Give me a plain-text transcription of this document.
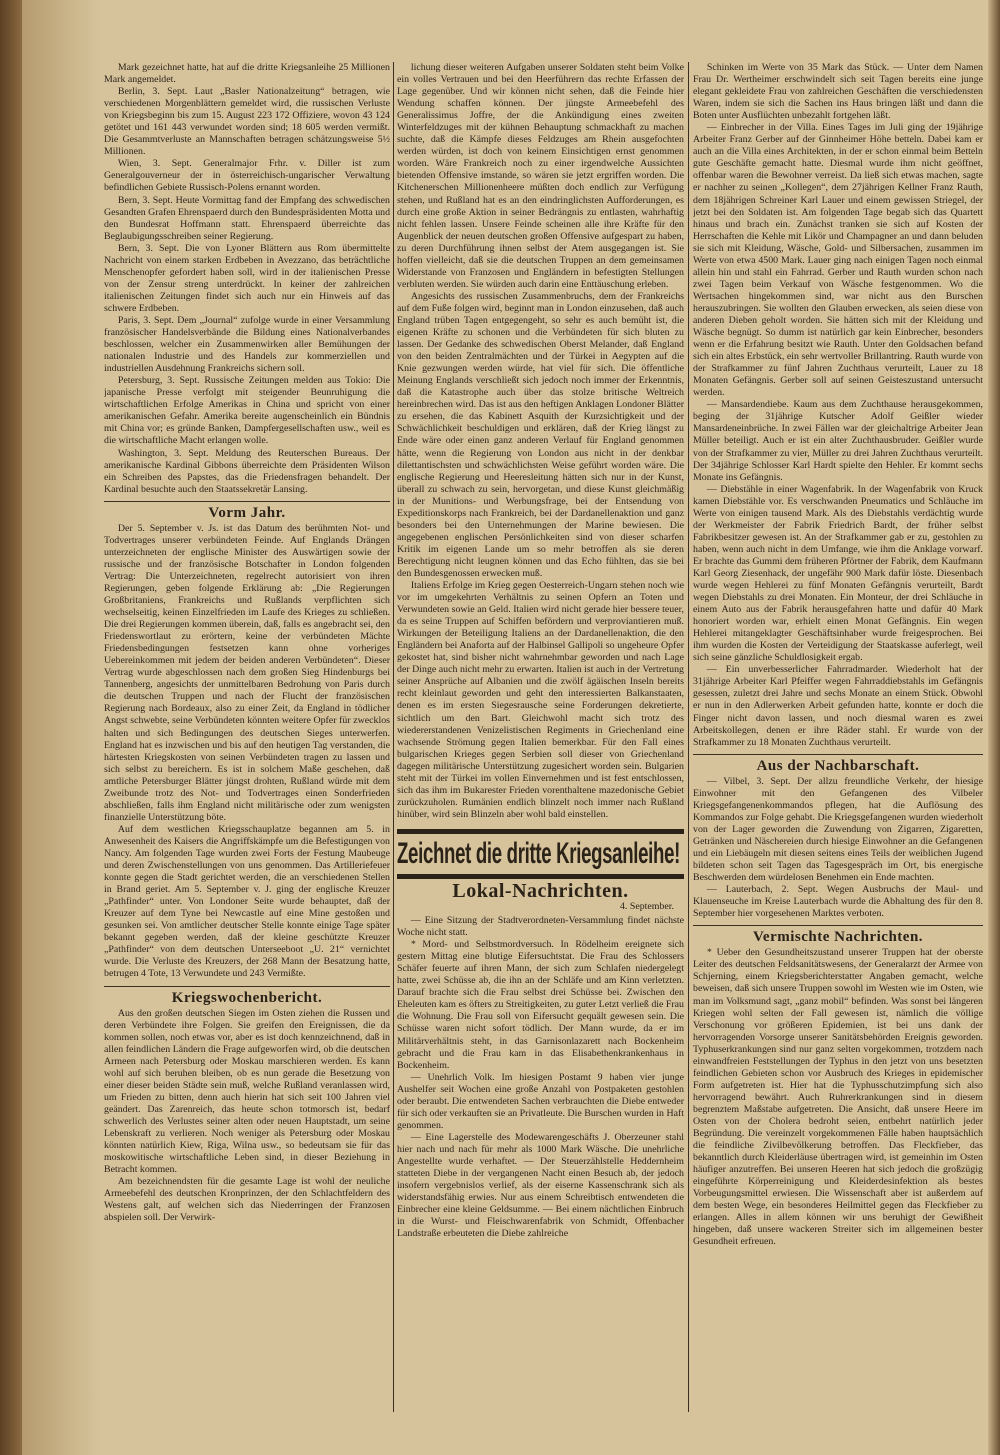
Mark gezeichnet hatte, hat auf die dritte Kriegsanleihe 25 Millionen Mark angemeldet.

Berlin, 3. Sept. Laut „Basler Nationalzeitung“ betragen, wie verschiedenen Morgenblättern gemeldet wird, die russischen Verluste von Kriegsbeginn bis zum 15. August 223 172 Offiziere, wovon 43 124 getötet und 161 443 verwundet worden sind; 18 605 werden vermißt. Die Gesammtverluste an Mannschaften betragen schätzungsweise 5½ Millionen.

Wien, 3. Sept. Generalmajor Frhr. v. Diller ist zum Generalgouverneur der in österreichisch-ungarischer Verwaltung befindlichen Gebiete Russisch-Polens ernannt worden.

Bern, 3. Sept. Heute Vormittag fand der Empfang des schwedischen Gesandten Grafen Ehrenspaerd durch den Bundespräsidenten Motta und den Bundesrat Hoffmann statt. Ehrenspaerd überreichte das Beglaubigungsschreiben seiner Regierung.

Bern, 3. Sept. Die von Lyoner Blättern aus Rom übermittelte Nachricht von einem starken Erdbeben in Avezzano, das beträchtliche Menschenopfer gefordert haben soll, wird in der italienischen Presse von der Zensur streng unterdrückt. In keiner der zahlreichen italienischen Zeitungen findet sich auch nur ein Hinweis auf das schwere Erdbeben.

Paris, 3. Sept. Dem „Journal“ zufolge wurde in einer Versammlung französischer Handelsverbände die Bildung eines Nationalverbandes beschlossen, welcher ein Zusammenwirken aller Bemühungen der nationalen Industrie und des Handels zur kommerziellen und industriellen Ausdehnung Frankreichs sichern soll.

Petersburg, 3. Sept. Russische Zeitungen melden aus Tokio: Die japanische Presse verfolgt mit steigender Beunruhigung die wirtschaftlichen Erfolge Amerikas in China und spricht von einer amerikanischen Gefahr. Amerika bereite augenscheinlich ein Bündnis mit China vor; es gründe Banken, Dampfergesellschaften usw., weil es die wirtschaftliche Macht erlangen wolle.

Washington, 3. Sept. Meldung des Reuterschen Bureaus. Der amerikanische Kardinal Gibbons überreichte dem Präsidenten Wilson ein Schreiben des Papstes, das die Friedensfragen behandelt. Der Kardinal besuchte auch den Staatssekretär Lansing.

Vorm Jahr.

Der 5. September v. Js. ist das Datum des berühmten Not- und Todvertrages unserer verbündeten Feinde. Auf Englands Drängen unterzeichneten der englische Minister des Auswärtigen sowie der russische und der französische Botschafter in London folgenden Vertrag: Die Unterzeichneten, regelrecht autorisiert von ihren Regierungen, geben folgende Erklärung ab: „Die Regierungen Großbritaniens, Frankreichs und Rußlands verpflichten sich wechselseitig, keinen Einzelfrieden im Laufe des Krieges zu schließen. Die drei Regierungen kommen überein, daß, falls es angebracht sei, den Friedenswortlaut zu erörtern, keine der verbündeten Mächte Friedensbedingungen festsetzen kann ohne vorheriges Uebereinkommen mit jedem der beiden anderen Verbündeten“. Dieser Vertrag wurde abgeschlossen nach dem großen Sieg Hindenburgs bei Tannenberg, angesichts der unmittelbaren Bedrohung von Paris durch die deutschen Truppen und nach der Flucht der französischen Regierung nach Bordeaux, also zu einer Zeit, da England in tödlicher Angst schwebte, seine Verbündeten könnten weitere Opfer für zwecklos halten und sich Bedingungen des deutschen Sieges unterwerfen. England hat es inzwischen und bis auf den heutigen Tag verstanden, die härtesten Kriegskosten von seinen Verbündeten tragen zu lassen und sich selbst zu bereichern. Es ist in solchem Maße geschehen, daß amtliche Petersburger Blätter jüngst drohten, Rußland würde mit dem Zweibunde trotz des Not- und Todvertrages einen Sonderfrieden abschließen, falls ihm England nicht militärische oder zum wenigsten finanzielle Unterstützung böte.

Auf dem westlichen Kriegsschauplatze begannen am 5. in Anwesenheit des Kaisers die Angriffskämpfe um die Befestigungen von Nancy. Am folgenden Tage wurden zwei Forts der Festung Maubeuge und deren Zwischenstellungen von uns genommen. Das Artilleriefeuer konnte gegen die Stadt gerichtet werden, die an verschiedenen Stellen in Brand geriet. Am 5. September v. J. ging der englische Kreuzer „Pathfinder“ unter. Von Londoner Seite wurde behauptet, daß der Kreuzer auf dem Tyne bei Newcastle auf eine Mine gestoßen und gesunken sei. Von amtlicher deutscher Stelle konnte einige Tage später bekannt gegeben werden, daß der kleine geschützte Kreuzer „Pathfinder“ von dem deutschen Unterseeboot „U. 21“ vernichtet wurde. Die Verluste des Kreuzers, der 268 Mann der Besatzung hatte, betrugen 4 Tote, 13 Verwundete und 243 Vermißte.

Kriegswochenbericht.

Aus den großen deutschen Siegen im Osten ziehen die Russen und deren Verbündete ihre Folgen. Sie greifen den Ereignissen, die da kommen sollen, noch etwas vor, aber es ist doch kennzeichnend, daß in allen feindlichen Ländern die Frage aufgeworfen wird, ob die deutschen Armeen nach Petersburg oder Moskau marschieren werden. Es kann wohl auf sich beruhen bleiben, ob es nun gerade die Besetzung von einer dieser beiden Städte sein muß, welche Rußland veranlassen wird, um Frieden zu bitten, denn auch hierin hat sich seit 100 Jahren viel geändert. Das Zarenreich, das heute schon totmorsch ist, bedarf schwerlich des Verlustes seiner alten oder neuen Hauptstadt, um seine Lebenskraft zu verlieren. Noch weniger als Petersburg oder Moskau könnten natürlich Kiew, Riga, Wilna usw., so bedeutsam sie für das moskowitische wirtschaftliche Leben sind, in dieser Beziehung in Betracht kommen.

Am bezeichnendsten für die gesamte Lage ist wohl der neuliche Armeebefehl des deutschen Kronprinzen, der den Schlachtfeldern des Westens galt, auf welchen sich das Niederringen der Franzosen abspielen soll. Der Verwirk-

lichung dieser weiteren Aufgaben unserer Soldaten steht beim Volke ein volles Vertrauen und bei den Heerführern das rechte Erfassen der Lage gegenüber. Und wir können nicht sehen, daß die Feinde hier Wendung schaffen können. Der jüngste Armeebefehl des Generalissimus Joffre, der die Ankündigung eines zweiten Winterfeldzuges mit der kühnen Behauptung schmackhaft zu machen suchte, daß die Kämpfe dieses Feldzuges am Rhein ausgefochten werden würden, ist doch von keinem Einsichtigen ernst genommen worden. Wäre Frankreich noch zu einer irgendwelche Aussichten bietenden Offensive imstande, so wären sie jetzt ergriffen worden. Die Kitchenerschen Millionenheere müßten doch endlich zur Verfügung stehen, und Rußland hat es an den eindringlichsten Aufforderungen, es durch eine große Aktion in seiner Bedrängnis zu entlasten, wahrhaftig nicht fehlen lassen. Unsere Feinde scheinen alle ihre Kräfte für den Augenblick der neuen deutschen großen Offensive aufgespart zu haben, zu deren Durchführung ihnen selbst der Atem ausgegangen ist. Sie hoffen vielleicht, daß sie die deutschen Truppen an dem gemeinsamen Widerstande von Franzosen und Engländern in befestigten Stellungen verbluten werden. Sie würden auch darin eine Enttäuschung erleben.

Angesichts des russischen Zusammenbruchs, dem der Frankreichs auf dem Fuße folgen wird, beginnt man in London einzusehen, daß auch England trüben Tagen entgegengeht, so sehr es auch bemüht ist, die eigenen Kräfte zu schonen und die Verbündeten für sich bluten zu lassen. Der Gedanke des schwedischen Oberst Melander, daß England von den beiden Zentralmächten und der Türkei in Aegypten auf die Knie gezwungen werden würde, hat viel für sich. Die öffentliche Meinung Englands verschließt sich jedoch noch immer der Erkenntnis, daß die Katastrophe auch über das stolze britische Weltreich hereinbrechen wird. Das ist aus den heftigen Anklagen Londoner Blätter zu ersehen, die das Kabinett Asquith der Kurzsichtigkeit und der Schwächlichkeit beschuldigen und erklären, daß der Krieg längst zu Ende wäre oder einen ganz anderen Verlauf für England genommen hätte, wenn die Regierung von London aus nicht in der denkbar dilettantischsten und schwächlichsten Weise geführt worden wäre. Die englische Regierung und Heeresleitung hätten sich nur in der Kunst, überall zu schwach zu sein, hervorgetan, und diese Kunst gleichmäßig in der Munitions- und Werbungsfrage, bei der Entsendung von Expeditionskorps nach Frankreich, bei der Dardanellenaktion und ganz besonders bei den Unternehmungen der Marine bewiesen. Die angegebenen englischen Persönlichkeiten sind von dieser scharfen Kritik im eigenen Lande um so mehr betroffen als sie deren Berechtigung nicht leugnen können und das Echo fühlten, das sie bei den Bundesgenossen erwecken muß.

Italiens Erfolge im Krieg gegen Oesterreich-Ungarn stehen noch wie vor im umgekehrten Verhältnis zu seinen Opfern an Toten und Verwundeten sowie an Geld. Italien wird nicht gerade hier bessere teuer, da es seine Truppen auf Schiffen befördern und verproviantieren muß. Wirkungen der Beteiligung Italiens an der Dardanellenaktion, die den Engländern bei Anaforta auf der Halbinsel Gallipoli so ungeheure Opfer gekostet hat, sind bisher nicht wahrnehmbar geworden und nach Lage der Dinge auch nicht mehr zu erwarten. Italien ist auch in der Vertretung seiner Ansprüche auf Albanien und die zwölf ägäischen Inseln bereits recht kleinlaut geworden und geht den interessierten Balkanstaaten, denen es im ersten Siegesrausche seine Forderungen dekretierte, sichtlich um den Bart. Gleichwohl macht sich trotz des wiedererstandenen Venizelistischen Regiments in Griechenland eine wachsende Strömung gegen Italien bemerkbar. Für den Fall eines bulgarischen Krieges gegen Serbien soll dieser von Griechenland dagegen militärische Unterstützung zugesichert worden sein. Bulgarien steht mit der Türkei im vollen Einvernehmen und ist fest entschlossen, sich das ihm im Bukarester Frieden vorenthaltene mazedonische Gebiet zurückzuholen. Rumänien endlich blinzelt noch immer nach Rußland hinüber, wird sein Blinzeln aber wohl bald einstellen.

Zeichnet die dritte Kriegsanleihe!
Lokal-Nachrichten.
4. September.

— Eine Sitzung der Stadtverordneten-Versammlung findet nächste Woche nicht statt.

* Mord- und Selbstmordversuch. In Rödelheim ereignete sich gestern Mittag eine blutige Eifersuchtstat. Die Frau des Schlossers Schäfer feuerte auf ihren Mann, der sich zum Schlafen niedergelegt hatte, zwei Schüsse ab, die ihn an der Schläfe und am Kinn verletzten. Darauf brachte sich die Frau selbst drei Schüsse bei. Zwischen den Eheleuten kam es öfters zu Streitigkeiten, zu guter Letzt verließ die Frau die Wohnung. Die Frau soll von Eifersucht gequält gewesen sein. Die Schüsse waren nicht sofort tödlich. Der Mann wurde, da er im Militärverhältnis steht, in das Garnisonlazarett nach Bockenheim gebracht und die Frau kam in das Elisabethenkrankenhaus in Bockenheim.

— Unehrlich Volk. Im hiesigen Postamt 9 haben vier junge Aushelfer seit Wochen eine große Anzahl von Postpaketen gestohlen oder beraubt. Die entwendeten Sachen verbrauchten die Diebe entweder für sich oder verkauften sie an Privatleute. Die Burschen wurden in Haft genommen.

— Eine Lagerstelle des Modewarengeschäfts J. Oberzeuner stahl hier nach und nach für mehr als 1000 Mark Wäsche. Die unehrliche Angestellte wurde verhaftet. — Der Steuerzählstelle Heddernheim statteten Diebe in der vergangenen Nacht einen Besuch ab, der jedoch insofern vergebnislos verlief, als der eiserne Kassenschrank sich als widerstandsfähig erwies. Nur aus einem Schreibtisch entwendeten die Einbrecher eine kleine Geldsumme. — Bei einem nächtlichen Einbruch in die Wurst- und Fleischwarenfabrik von Schmidt, Offenbacher Landstraße erbeuteten die Diebe zahlreiche

Schinken im Werte von 35 Mark das Stück. — Unter dem Namen Frau Dr. Wertheimer erschwindelt sich seit Tagen bereits eine junge elegant gekleidete Frau von zahlreichen Geschäften die verschiedensten Waren, indem sie sich die Sachen ins Haus bringen läßt und dann die Boten unter Ausflüchten unbezahlt fortgehen läßt.

— Einbrecher in der Villa. Eines Tages im Juli ging der 19jährige Arbeiter Franz Gerber auf der Ginnheimer Höhe betteln. Dabei kam er auch an die Villa eines Architekten, in der er schon einmal beim Betteln gute Geschäfte gemacht hatte. Diesmal wurde ihm nicht geöffnet, offenbar waren die Bewohner verreist. Da ließ sich etwas machen, sagte er nachher zu seinen „Kollegen“, dem 27jährigen Kellner Franz Rauth, dem 18jährigen Schreiner Karl Lauer und einem gewissen Striegel, der jetzt bei den Soldaten ist. Am folgenden Tage begab sich das Quartett hinaus und brach ein. Zunächst tranken sie sich auf Kosten der Herrschaften die Kehle mit Likör und Champagner an und dann beluden sie sich mit Kleidung, Wäsche, Gold- und Silbersachen, zusammen im Werte von etwa 4500 Mark. Lauer ging nach einigen Tagen noch einmal allein hin und stahl ein Fahrrad. Gerber und Rauth wurden schon nach zwei Tagen beim Verkauf von Wäsche festgenommen. Wo die Wertsachen hingekommen sind, war nicht aus den Burschen herauszubringen. Sie wollten den Glauben erwecken, als seien diese von anderen Dieben geholt worden. Sie hätten sich mit der Kleidung und Wäsche begnügt. So dumm ist natürlich gar kein Einbrecher, besonders wenn er die Erfahrung besitzt wie Rauth. Unter den Goldsachen befand sich ein altes Erbstück, ein sehr wertvoller Brillantring. Rauth wurde von der Strafkammer zu fünf Jahren Zuchthaus verurteilt, Lauer zu 18 Monaten Gefängnis. Gerber soll auf seinen Geisteszustand untersucht werden.

— Mansardendiebe. Kaum aus dem Zuchthause herausgekommen, beging der 31jährige Kutscher Adolf Geißler wieder Mansardeneinbrüche. In zwei Fällen war der gleichaltrige Arbeiter Jean Müller beteiligt. Auch er ist ein alter Zuchthausbruder. Geißler wurde von der Strafkammer zu vier, Müller zu drei Jahren Zuchthaus verurteilt. Der 34jährige Schlosser Karl Hardt spielte den Hehler. Er kommt sechs Monate ins Gefängnis.

— Diebstähle in einer Wagenfabrik. In der Wagenfabrik von Kruck kamen Diebstähle vor. Es verschwanden Pneumatics und Schläuche im Werte von einigen tausend Mark. Als des Diebstahls verdächtig wurde der Werkmeister der Fabrik Friedrich Bardt, der früher selbst Fabrikbesitzer gewesen ist. An der Strafkammer gab er zu, gestohlen zu haben, wenn auch nicht in dem Umfange, wie ihm die Anklage vorwarf. Er brachte das Gummi dem früheren Pförtner der Fabrik, dem Kaufmann Karl Georg Ziesenhack, der ungefähr 900 Mark dafür löste. Diesenbach wurde wegen Hehlerei zu fünf Monaten Gefängnis verurteilt, Bardt wegen Diebstahls zu drei Monaten. Ein Monteur, der drei Schläuche in einem Auto aus der Fabrik herausgefahren hatte und dafür 40 Mark honoriert worden war, erhielt einen Monat Gefängnis. Ein wegen Hehlerei mitangeklagter Geschäftsinhaber wurde freigesprochen. Bei ihm wurden die Kosten der Verteidigung der Staatskasse auferlegt, weil sich seine gänzliche Schuldlosigkeit ergab.

— Ein unverbesserlicher Fahrradmarder. Wiederholt hat der 31jährige Arbeiter Karl Pfeiffer wegen Fahrraddiebstahls im Gefängnis gesessen, zuletzt drei Jahre und sechs Monate an einem Stück. Obwohl er nun in den Adlerwerken Arbeit gefunden hatte, konnte er doch die Finger nicht davon lassen, und noch diesmal waren es zwei Arbeitskollegen, denen er ihre Räder stahl. Er wurde von der Strafkammer zu 18 Monaten Zuchthaus verurteilt.

Aus der Nachbarschaft.

— Vilbel, 3. Sept. Der allzu freundliche Verkehr, der hiesige Einwohner mit den Gefangenen des Vilbeler Kriegsgefangenenkommandos pflegen, hat die Auflösung des Kommandos zur Folge gehabt. Die Kriegsgefangenen wurden wiederholt von der Lager geworden die Zuwendung von Zigarren, Zigaretten, Getränken und Näschereien durch hiesige Einwohner an die Gefangenen und ein Liebäugeln mit diesen seitens eines Teils der weiblichen Jugend bildeten schon seit Tagen das Tagesgespräch im Ort, bis energische Beschwerden dem würdelosen Benehmen ein Ende machten.

— Lauterbach, 2. Sept. Wegen Ausbruchs der Maul- und Klauenseuche im Kreise Lauterbach wurde die Abhaltung des für den 8. September hier vorgesehenen Marktes verboten.

Vermischte Nachrichten.

* Ueber den Gesundheitszustand unserer Truppen hat der oberste Leiter des deutschen Feldsanitätswesens, der Generalarzt der Armee von Schjerning, einem Kriegsberichterstatter Angaben gemacht, welche beweisen, daß sich unsere Truppen sowohl im Westen wie im Osten, wie man im Volksmund sagt, „ganz mobil“ befinden. Was sonst bei längeren Kriegen wohl selten der Fall gewesen ist, nämlich die völlige Verschonung vor größeren Epidemien, ist bei uns dank der hervorragenden Vorsorge unserer Sanitätsbehörden Ereignis geworden. Typhuserkrankungen sind nur ganz selten vorgekommen, trotzdem nach einwandfreien Feststellungen der Typhus in den jetzt von uns besetzten feindlichen Gebieten schon vor Ausbruch des Krieges in epidemischer Form aufgetreten ist. Hier hat die Typhusschutzimpfung sich also hervorragend bewährt. Auch Ruhrerkrankungen sind in diesem begrenztem Maßstabe aufgetreten. Die Ansicht, daß unsere Heere im Osten von der Cholera bedroht seien, entbehrt natürlich jeder Begründung. Die vereinzelt vorgekommenen Fälle haben hauptsächlich die feindliche Zivilbevölkerung betroffen. Das Fleckfieber, das bekanntlich durch Kleiderläuse übertragen wird, ist gemeinhin im Osten häufiger anzutreffen. Bei unseren Heeren hat sich jedoch die großzügig eingeführte Körperreinigung und Kleiderdesinfektion als bestes Vorbeugungsmittel erwiesen. Die Wissenschaft aber ist außerdem auf dem besten Wege, ein besonderes Heilmittel gegen das Fleckfieber zu erlangen. Alles in allem können wir uns beruhigt der Gewißheit hingeben, daß unsere wackeren Streiter sich im allgemeinen bester Gesundheit erfreuen.
